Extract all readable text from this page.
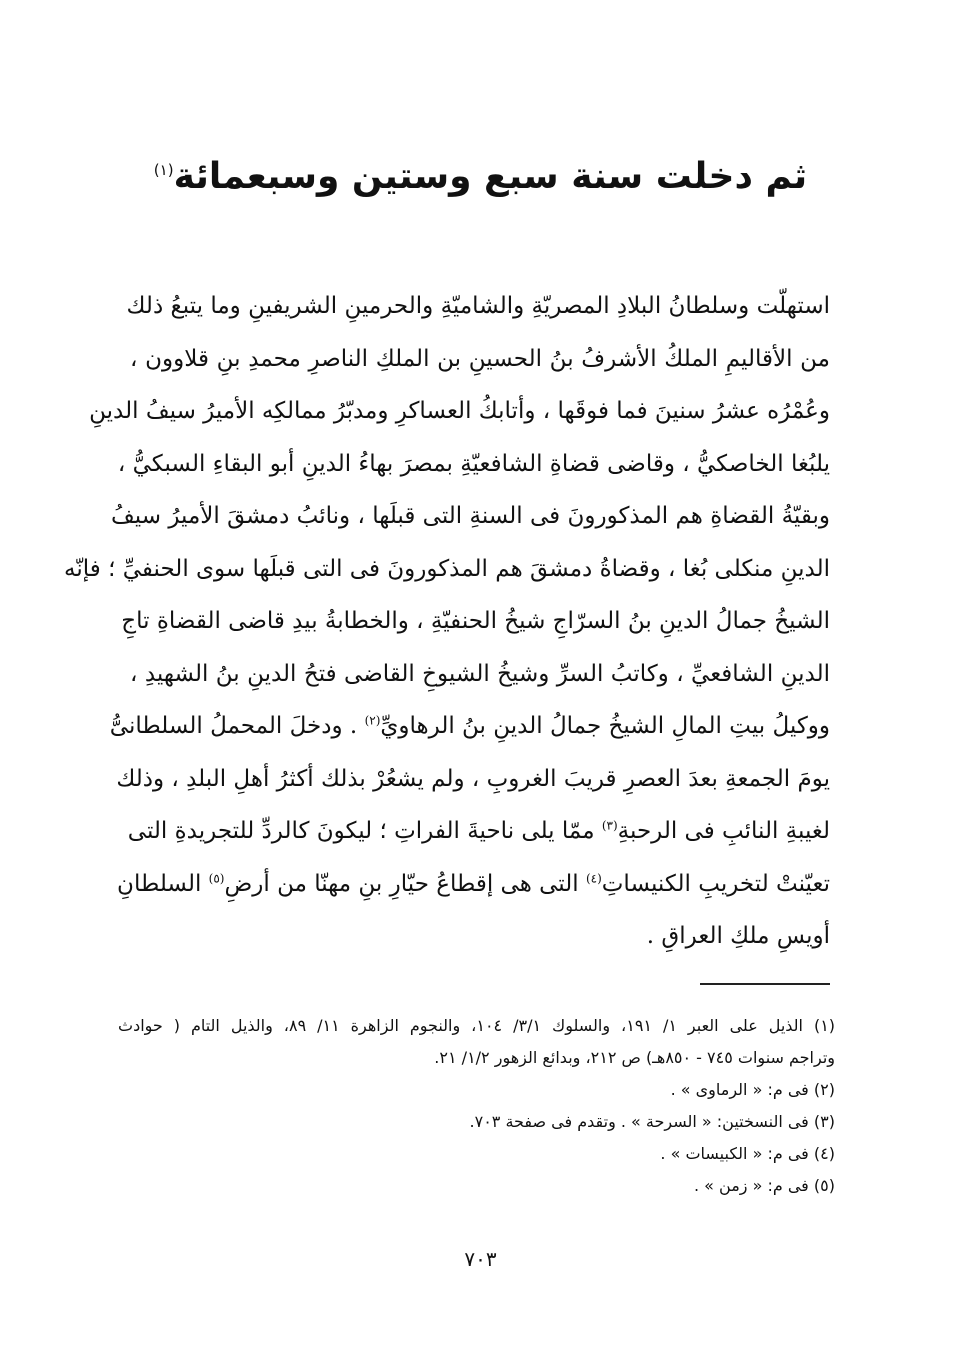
ثم دخلت سنة سبع وستين وسبعمائة$^{(١)}$
استهلّت وسلطانُ البلادِ المصريّةِ والشاميّةِ والحرمينِ الشريفينِ وما يتبعُ ذلك
من الأقاليمِ الملكُ الأشرفُ بنُ الحسينِ بن الملكِ الناصرِ محمدِ بنِ قلاوون ،
وعُمْرُه عشرُ سنينَ فما فوقَها ، وأتابكُ العساكرِ ومدبّرُ ممالكِه الأميرُ سيفُ الدينِ
يلبُغا الخاصكيُّ ، وقاضى قضاةِ الشافعيّةِ بمصرَ بهاءُ الدينِ أبو البقاءِ السبكيُّ ،
وبقيّةُ القضاةِ هم المذكورونَ فى السنةِ التى قبلَها ، ونائبُ دمشقَ الأميرُ سيفُ
الدينِ منكلى بُغا ، وقضاةُ دمشقَ هم المذكورونَ فى التى قبلَها سوى الحنفيِّ ؛ فإنّه
الشيخُ جمالُ الدينِ بنُ السرّاجِ شيخُ الحنفيّةِ ، والخطابةُ بيدِ قاضى القضاةِ تاجِ
الدينِ الشافعيِّ ، وكاتبُ السرِّ وشيخُ الشيوخِ القاضى فتحُ الدينِ بنُ الشهيدِ ،
ووكيلُ بيتِ المالِ الشيخُ جمالُ الدينِ بنُ الرهاويِّ$^{(٢)}$ . ودخلَ المحملُ السلطانىُّ
يومَ الجمعةِ بعدَ العصرِ قريبَ الغروبِ ، ولم يشعُرْ بذلك أكثرُ أهلِ البلدِ ، وذلك
لغيبةِ النائبِ فى الرحبةِ$^{(٣)}$ ممّا يلى ناحيةَ الفراتِ ؛ ليكونَ كالردِّ للتجريدةِ التى
تعيّنتْ لتخريبِ الكنيساتِ$^{(٤)}$ التى هى إقطاعُ حيّارِ بنِ مهنّا من أرضِ$^{(٥)}$ السلطانِ
أويسِ ملكِ العراقِ .
(١) الذيل على العبر ١/ ١٩١، والسلوك ٣/١/ ١٠٤، والنجوم الزاهرة ١١/ ٨٩، والذيل التام ( حوادث
وتراجم سنوات ٧٤٥ - ٨٥٠هـ) ص ٢١٢، وبدائع الزهور ١/٢/ ٢١.
(٢) فى م: « الرماوى » .
(٣) فى النسختين: « السرحة » . وتقدم فى صفحة ٧٠٣.
(٤) فى م: « الكبيسات » .
(٥) فى م: « زمن » .
٧٠٣
